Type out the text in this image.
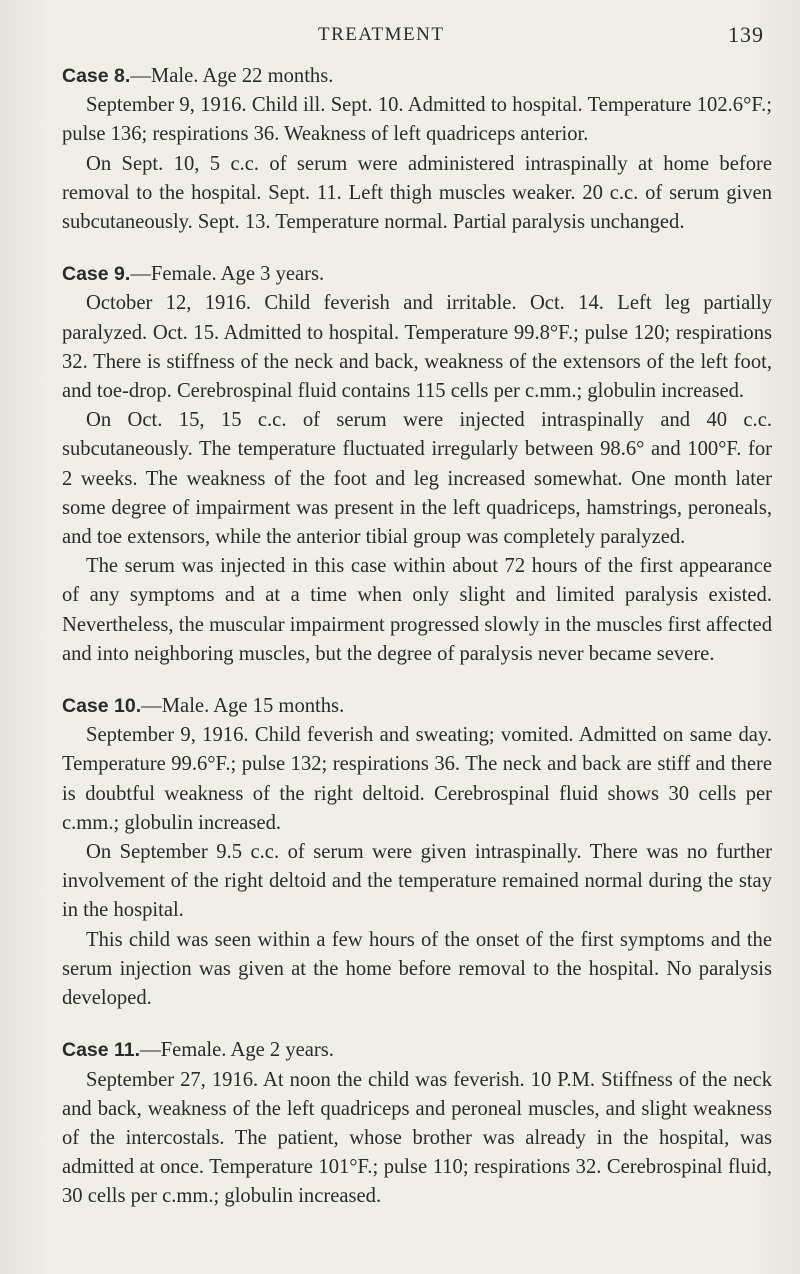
TREATMENT	139

Case 8.—Male. Age 22 months.

September 9, 1916. Child ill. Sept. 10. Admitted to hospital. Temperature 102.6°F.; pulse 136; respirations 36. Weakness of left quadriceps anterior.

On Sept. 10, 5 c.c. of serum were administered intraspinally at home before removal to the hospital. Sept. 11. Left thigh muscles weaker. 20 c.c. of serum given subcutaneously. Sept. 13. Temperature normal. Partial paralysis unchanged.

Case 9.—Female. Age 3 years.

October 12, 1916. Child feverish and irritable. Oct. 14. Left leg partially paralyzed. Oct. 15. Admitted to hospital. Temperature 99.8°F.; pulse 120; respirations 32. There is stiffness of the neck and back, weakness of the extensors of the left foot, and toe-drop. Cerebrospinal fluid contains 115 cells per c.mm.; globulin increased.

On Oct. 15, 15 c.c. of serum were injected intraspinally and 40 c.c. subcutaneously. The temperature fluctuated irregularly between 98.6° and 100°F. for 2 weeks. The weakness of the foot and leg increased somewhat. One month later some degree of impairment was present in the left quadriceps, hamstrings, peroneals, and toe extensors, while the anterior tibial group was completely paralyzed.

The serum was injected in this case within about 72 hours of the first appearance of any symptoms and at a time when only slight and limited paralysis existed. Nevertheless, the muscular impairment progressed slowly in the muscles first affected and into neighboring muscles, but the degree of paralysis never became severe.

Case 10.—Male. Age 15 months.

September 9, 1916. Child feverish and sweating; vomited. Admitted on same day. Temperature 99.6°F.; pulse 132; respirations 36. The neck and back are stiff and there is doubtful weakness of the right deltoid. Cerebrospinal fluid shows 30 cells per c.mm.; globulin increased.

On September 9.5 c.c. of serum were given intraspinally. There was no further involvement of the right deltoid and the temperature remained normal during the stay in the hospital.

This child was seen within a few hours of the onset of the first symptoms and the serum injection was given at the home before removal to the hospital. No paralysis developed.

Case 11.—Female. Age 2 years.

September 27, 1916. At noon the child was feverish. 10 P.M. Stiffness of the neck and back, weakness of the left quadriceps and peroneal muscles, and slight weakness of the intercostals. The patient, whose brother was already in the hospital, was admitted at once. Temperature 101°F.; pulse 110; respirations 32. Cerebrospinal fluid, 30 cells per c.mm.; globulin increased.
